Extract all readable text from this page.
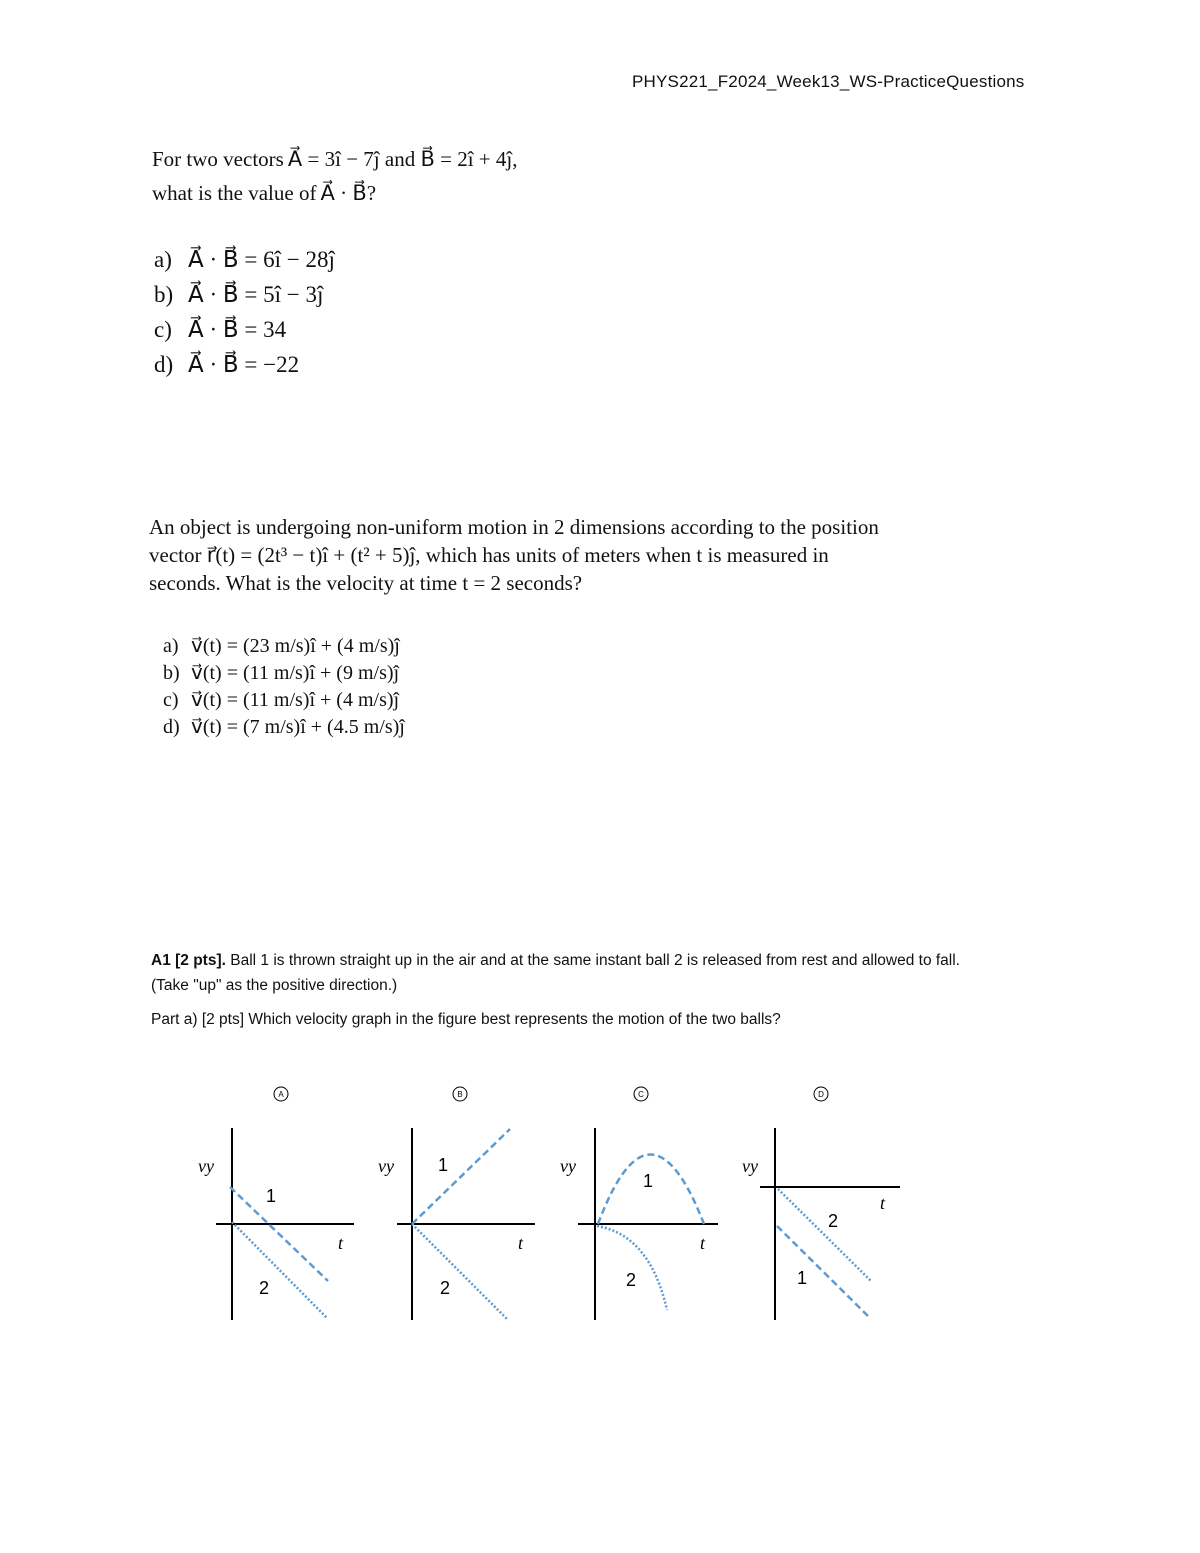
PHYS221_F2024_Week13_WS-PracticeQuestions
For two vectors A⃗ = 3î − 7ĵ and B⃗ = 2î + 4ĵ,
what is the value of A⃗ · B⃗?
a) A⃗ · B⃗ = 6î − 28ĵ
b) A⃗ · B⃗ = 5î − 3ĵ
c) A⃗ · B⃗ = 34
d) A⃗ · B⃗ = −22
An object is undergoing non-uniform motion in 2 dimensions according to the position
vector r⃗(t) = (2t³ − t)î + (t² + 5)ĵ, which has units of meters when t is measured in
seconds. What is the velocity at time t = 2 seconds?
a) v⃗(t) = (23 m/s)î + (4 m/s)ĵ
b) v⃗(t) = (11 m/s)î + (9 m/s)ĵ
c) v⃗(t) = (11 m/s)î + (4 m/s)ĵ
d) v⃗(t) = (7 m/s)î + (4.5 m/s)ĵ

A1 [2 pts]. Ball 1 is thrown straight up in the air and at the same instant ball 2 is released from rest and allowed to fall.

(Take "up" as the positive direction.)

Part a) [2 pts] Which velocity graph in the figure best represents the motion of the two balls?
A
vy
t
1
2
B
vy
t
1
2
C
vy
t
1
2
D
vy
t
1
2
